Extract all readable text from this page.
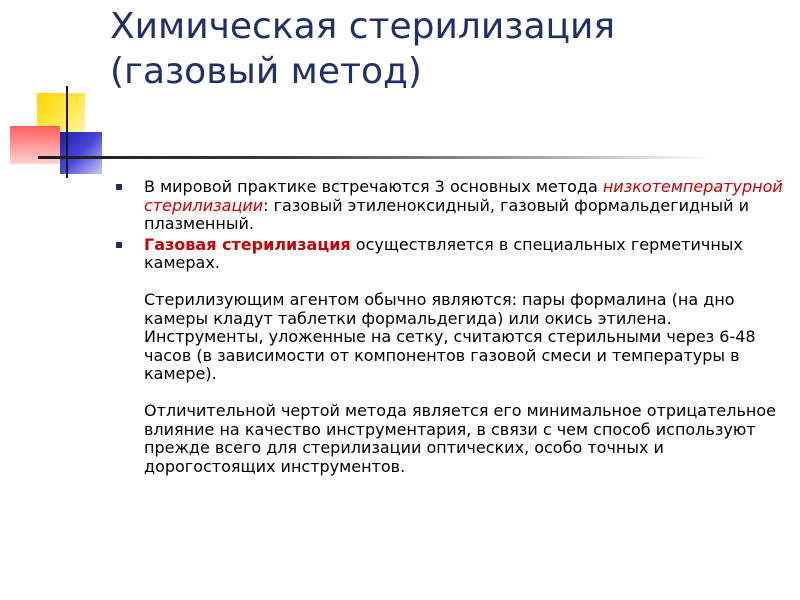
Химическая стерилизация
(газовый метод)
В мировой практике встречаются 3 основных метода низкотемпературной стерилизации: газовый этиленоксидный, газовый формальдегидный и плазменный.
Газовая стерилизация осуществляется в специальных герметичных камерах.
Стерилизующим агентом обычно являются: пары формалина (на дно камеры кладут таблетки формальдегида) или окись этилена. Инструменты, уложенные на сетку, считаются стерильными через 6-48 часов (в зависимости от компонентов газовой смеси и температуры в камере).
Отличительной чертой метода является его минимальное отрицательное влияние на качество инструментария, в связи с чем способ используют прежде всего для стерилизации оптических, особо точных и дорогостоящих инструментов.
